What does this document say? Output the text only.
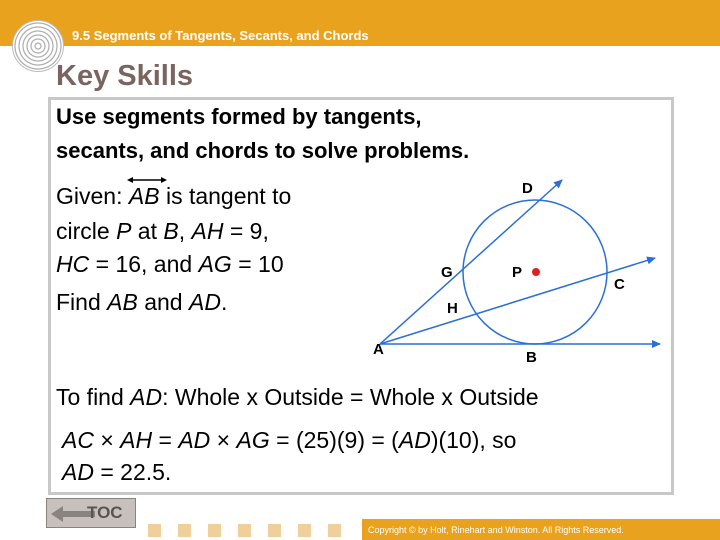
9.5 Segments of Tangents, Secants, and Chords
Key Skills
Use segments formed by tangents,
secants, and chords to solve problems.
Given:
AB is tangent to
circle P at B, AH = 9,
HC = 16, and AG = 10
Find AB and AD.
D
G	P
C
H
A	B
To find AD: Whole x Outside = Whole x Outside
AC × AH = AD × AG = (25)(9) = (AD)(10), so
AD = 22.5.
TOC
Copyright © by Holt, Rinehart and Winston. All Rights Reserved.
